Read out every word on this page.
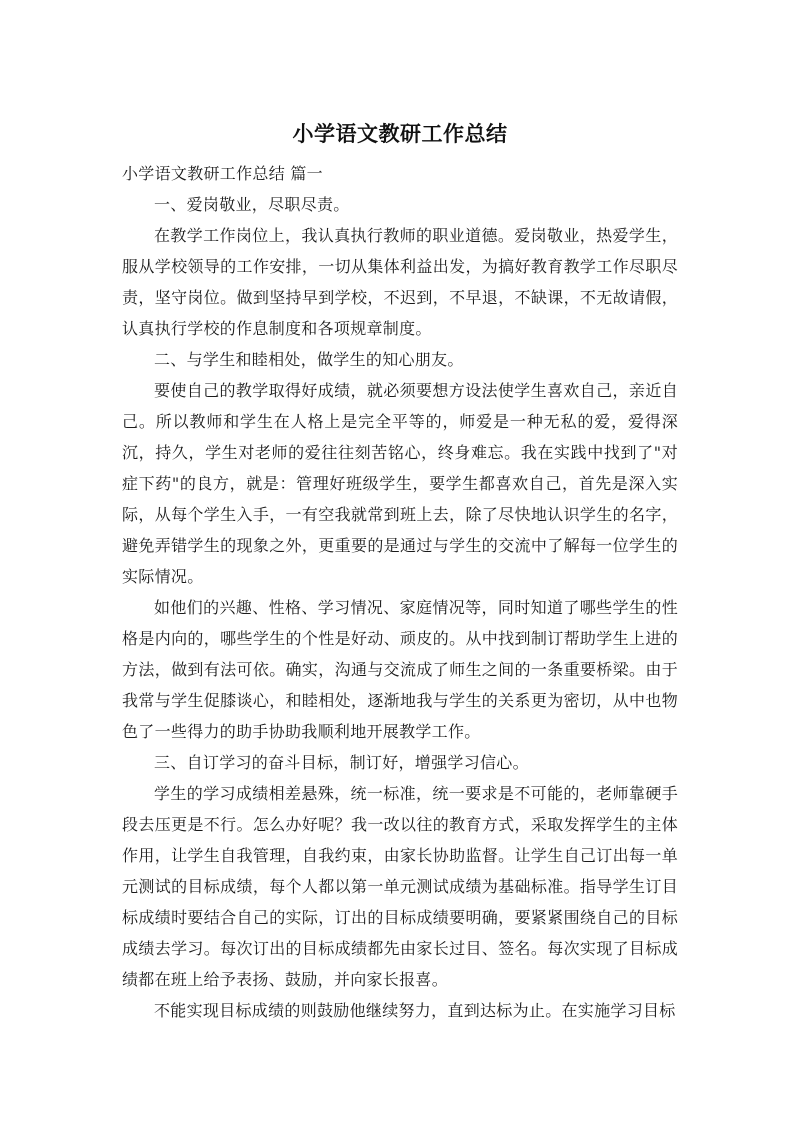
小学语文教研工作总结

小学语文教研工作总结 篇一

一、爱岗敬业，尽职尽责。

在教学工作岗位上，我认真执行教师的职业道德。爱岗敬业，热爱学生，服从学校领导的工作安排，一切从集体利益出发，为搞好教育教学工作尽职尽责，坚守岗位。做到坚持早到学校，不迟到，不早退，不缺课，不无故请假，认真执行学校的作息制度和各项规章制度。

二、与学生和睦相处，做学生的知心朋友。

要使自己的教学取得好成绩，就必须要想方设法使学生喜欢自己，亲近自己。所以教师和学生在人格上是完全平等的，师爱是一种无私的爱，爱得深沉，持久，学生对老师的爱往往刻苦铭心，终身难忘。我在实践中找到了"对症下药"的良方，就是：管理好班级学生，要学生都喜欢自己，首先是深入实际，从每个学生入手，一有空我就常到班上去，除了尽快地认识学生的名字，避免弄错学生的现象之外，更重要的是通过与学生的交流中了解每一位学生的实际情况。

如他们的兴趣、性格、学习情况、家庭情况等，同时知道了哪些学生的性格是内向的，哪些学生的个性是好动、顽皮的。从中找到制订帮助学生上进的方法，做到有法可依。确实，沟通与交流成了师生之间的一条重要桥梁。由于我常与学生促膝谈心，和睦相处，逐渐地我与学生的关系更为密切，从中也物色了一些得力的助手协助我顺利地开展教学工作。

三、自订学习的奋斗目标，制订好，增强学习信心。

学生的学习成绩相差悬殊，统一标准，统一要求是不可能的，老师靠硬手段去压更是不行。怎么办好呢？我一改以往的教育方式，采取发挥学生的主体作用，让学生自我管理，自我约束，由家长协助监督。让学生自己订出每一单元测试的目标成绩，每个人都以第一单元测试成绩为基础标准。指导学生订目标成绩时要结合自己的实际，订出的目标成绩要明确，要紧紧围绕自己的目标成绩去学习。每次订出的目标成绩都先由家长过目、签名。每次实现了目标成绩都在班上给予表扬、鼓励，并向家长报喜。

不能实现目标成绩的则鼓励他继续努力，直到达标为止。在实施学习目标
